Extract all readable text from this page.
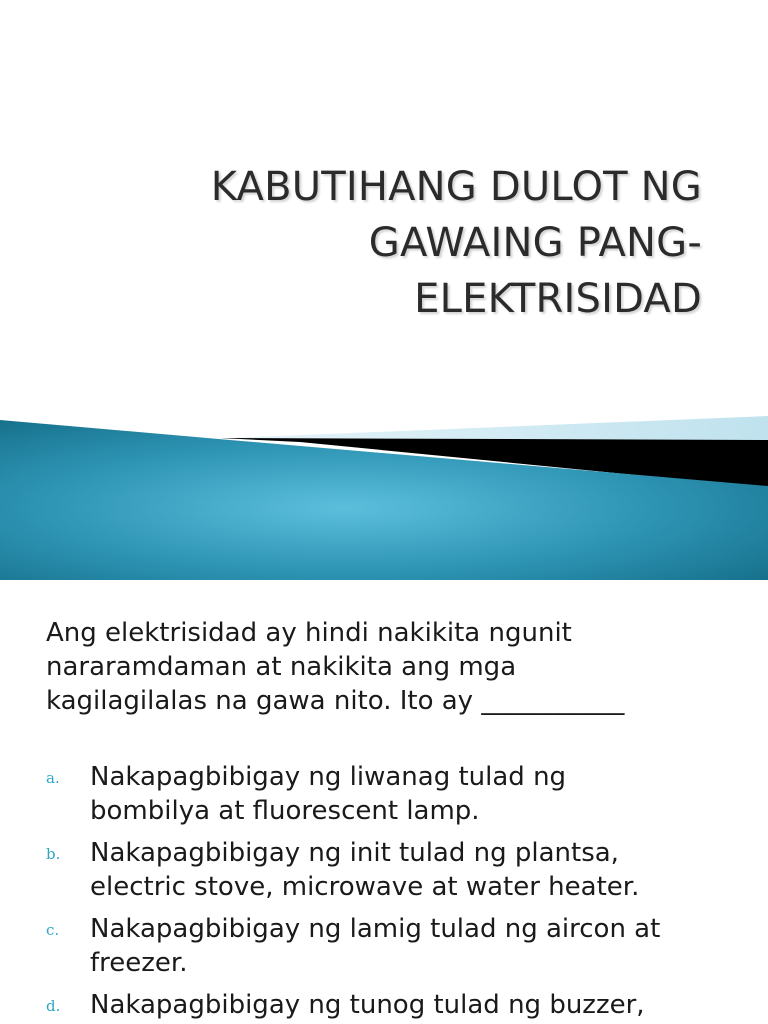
KABUTIHANG DULOT NG
GAWAING PANG-
ELEKTRISIDAD
Ang elektrisidad ay hindi nakikita ngunit
nararamdaman at nakikita ang mga
kagilagilalas na gawa nito. Ito ay ___________
a. Nakapagbibigay ng liwanag tulad ng
bombilya at fluorescent lamp.
b. Nakapagbibigay ng init tulad ng plantsa,
electric stove, microwave at water heater.
c. Nakapagbibigay ng lamig tulad ng aircon at
freezer.
d. Nakapagbibigay ng tunog tulad ng buzzer,
